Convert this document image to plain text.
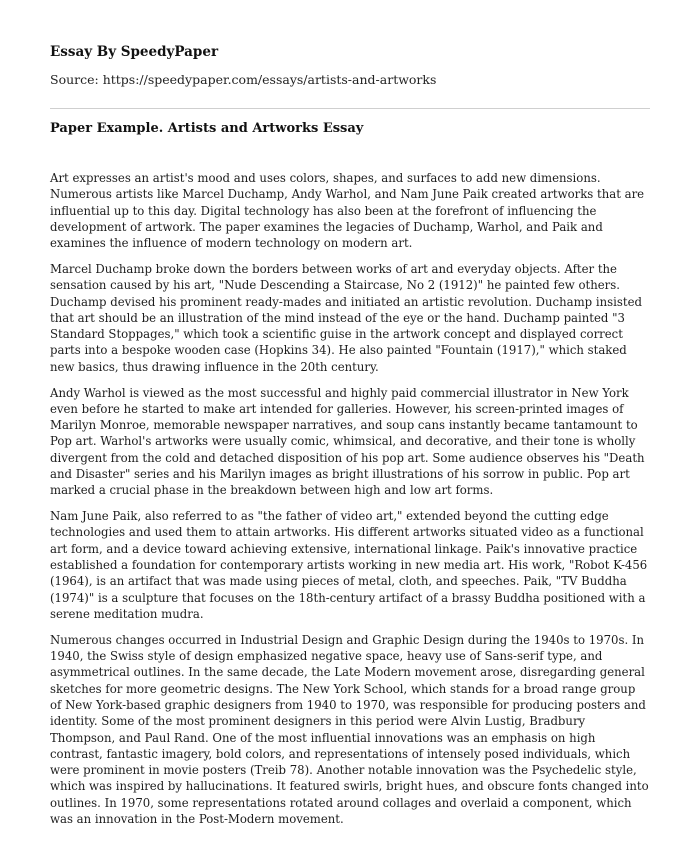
Essay By SpeedyPaper
Source: https://speedypaper.com/essays/artists-and-artworks
Paper Example. Artists and Artworks Essay

Art expresses an artist's mood and uses colors, shapes, and surfaces to add new dimensions. Numerous artists like Marcel Duchamp, Andy Warhol, and Nam June Paik created artworks that are influential up to this day. Digital technology has also been at the forefront of influencing the development of artwork. The paper examines the legacies of Duchamp, Warhol, and Paik and examines the influence of modern technology on modern art.

Marcel Duchamp broke down the borders between works of art and everyday objects. After the sensation caused by his art, "Nude Descending a Staircase, No 2 (1912)" he painted few others. Duchamp devised his prominent ready-mades and initiated an artistic revolution. Duchamp insisted that art should be an illustration of the mind instead of the eye or the hand. Duchamp painted "3 Standard Stoppages," which took a scientific guise in the artwork concept and displayed correct parts into a bespoke wooden case (Hopkins 34). He also painted "Fountain (1917)," which staked new basics, thus drawing influence in the 20th century.

Andy Warhol is viewed as the most successful and highly paid commercial illustrator in New York even before he started to make art intended for galleries. However, his screen-printed images of Marilyn Monroe, memorable newspaper narratives, and soup cans instantly became tantamount to Pop art. Warhol's artworks were usually comic, whimsical, and decorative, and their tone is wholly divergent from the cold and detached disposition of his pop art. Some audience observes his "Death and Disaster" series and his Marilyn images as bright illustrations of his sorrow in public. Pop art marked a crucial phase in the breakdown between high and low art forms.

Nam June Paik, also referred to as "the father of video art," extended beyond the cutting edge technologies and used them to attain artworks. His different artworks situated video as a functional art form, and a device toward achieving extensive, international linkage. Paik's innovative practice established a foundation for contemporary artists working in new media art. His work, "Robot K-456 (1964), is an artifact that was made using pieces of metal, cloth, and speeches. Paik, "TV Buddha (1974)" is a sculpture that focuses on the 18th-century artifact of a brassy Buddha positioned with a serene meditation mudra.

Numerous changes occurred in Industrial Design and Graphic Design during the 1940s to 1970s. In 1940, the Swiss style of design emphasized negative space, heavy use of Sans-serif type, and asymmetrical outlines. In the same decade, the Late Modern movement arose, disregarding general sketches for more geometric designs. The New York School, which stands for a broad range group of New York-based graphic designers from 1940 to 1970, was responsible for producing posters and identity. Some of the most prominent designers in this period were Alvin Lustig, Bradbury Thompson, and Paul Rand. One of the most influential innovations was an emphasis on high contrast, fantastic imagery, bold colors, and representations of intensely posed individuals, which were prominent in movie posters (Treib 78). Another notable innovation was the Psychedelic style, which was inspired by hallucinations. It featured swirls, bright hues, and obscure fonts changed into outlines. In 1970, some representations rotated around collages and overlaid a component, which was an innovation in the Post-Modern movement.
